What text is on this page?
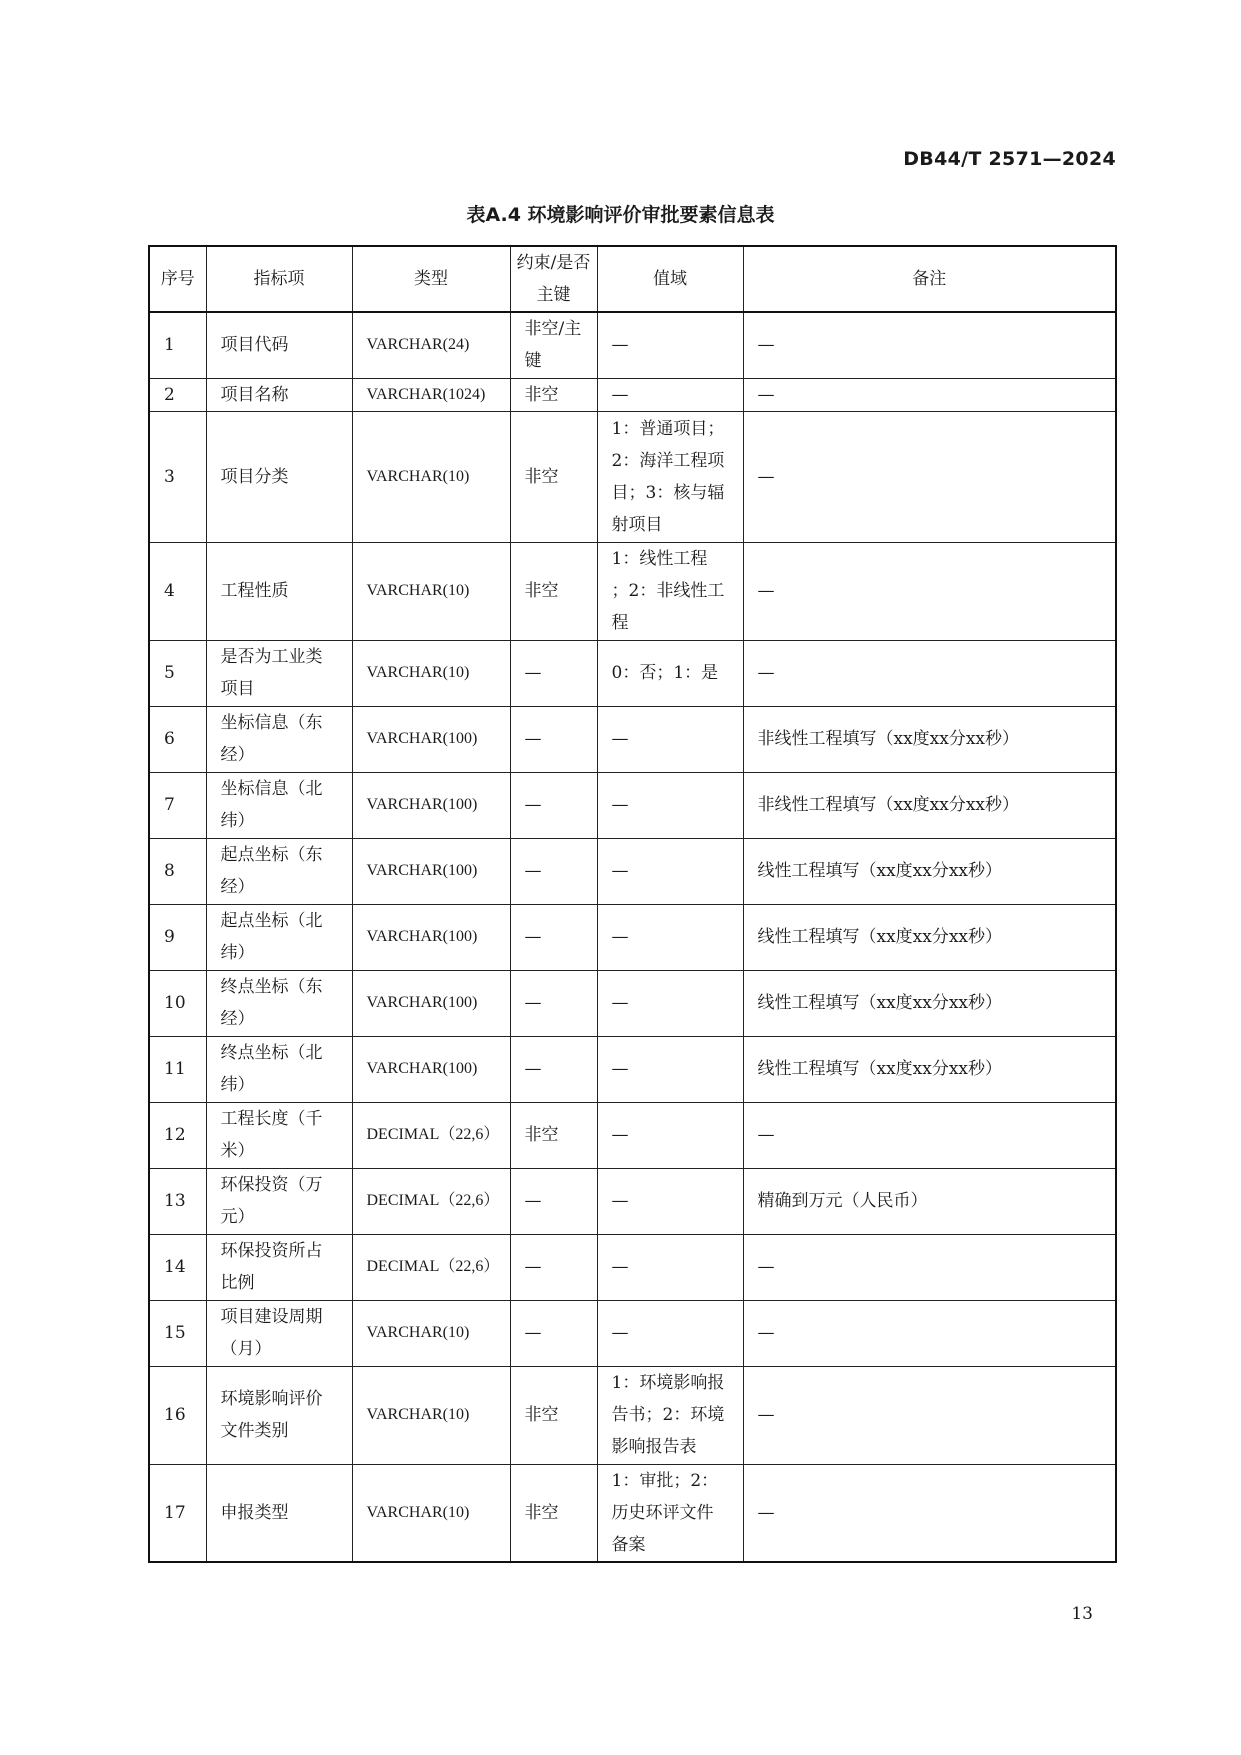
DB44/T 2571—2024
表A.4 环境影响评价审批要素信息表
序号	指标项	类型	约束/是否主键	值域	备注
1	项目代码	VARCHAR(24)	非空/主键	—	—
2	项目名称	VARCHAR(1024)	非空	—	—
3	项目分类	VARCHAR(10)	非空	1：普通项目；2：海洋工程项目；3：核与辐射项目	—
4	工程性质	VARCHAR(10)	非空	1：线性工程 ；2：非线性工程	—
5	是否为工业类项目	VARCHAR(10)	—	0：否；1：是	—
6	坐标信息（东经）	VARCHAR(100)	—	—	非线性工程填写（xx度xx分xx秒）
7	坐标信息（北纬）	VARCHAR(100)	—	—	非线性工程填写（xx度xx分xx秒）
8	起点坐标（东经）	VARCHAR(100)	—	—	线性工程填写（xx度xx分xx秒）
9	起点坐标（北纬）	VARCHAR(100)	—	—	线性工程填写（xx度xx分xx秒）
10	终点坐标（东经）	VARCHAR(100)	—	—	线性工程填写（xx度xx分xx秒）
11	终点坐标（北纬）	VARCHAR(100)	—	—	线性工程填写（xx度xx分xx秒）
12	工程长度（千米）	DECIMAL（22,6）	非空	—	—
13	环保投资（万元）	DECIMAL（22,6）	—	—	精确到万元（人民币）
14	环保投资所占比例	DECIMAL（22,6）	—	—	—
15	项目建设周期（月）	VARCHAR(10)	—	—	—
16	环境影响评价文件类别	VARCHAR(10)	非空	1：环境影响报告书；2：环境影响报告表	—
17	申报类型	VARCHAR(10)	非空	1：审批；2：历史环评文件备案	—
13
